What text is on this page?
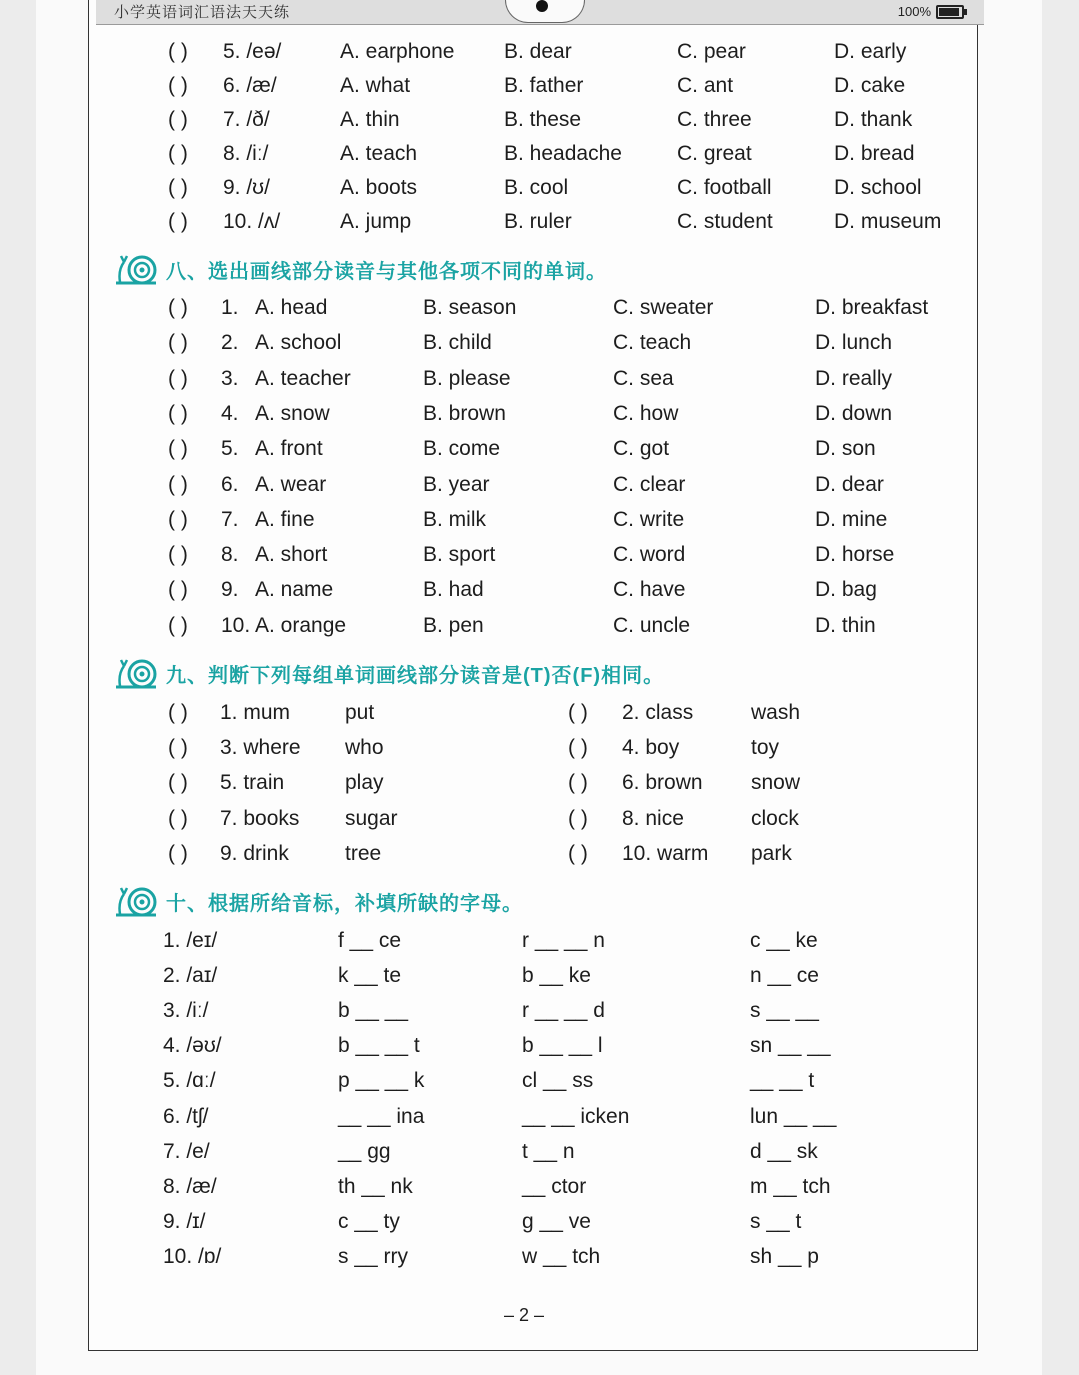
小学英语词汇语法天天练	100%
( ) 5. /eə/	A. earphone B. dear	C. pear	D. early
( ) 6. /æ/	A. what	B. father	C. ant	D. cake
( ) 7. /ð/	A. thin	B. these	C. three	D. thank
( ) 8. /iː/	A. teach	B. headache	C. great	D. bread
( ) 9. /ʊ/	A. boots	B. cool	C. football	D. school
( ) 10. /ʌ/	A. jump	B. ruler	C. student	D. museum
八、选出画线部分读音与其他各项不同的单词。
( ) 1. A. head	B. season	C. sweater	D. breakfast
( ) 2. A. school	B. child	C. teach	D. lunch
( ) 3. A. teacher	B. please	C. sea	D. really
( ) 4. A. snow	B. brown	C. how	D. down
( ) 5. A. front	B. come	C. got	D. son
( ) 6. A. wear	B. year	C. clear	D. dear
( ) 7. A. fine	B. milk	C. write	D. mine
( ) 8. A. short	B. sport	C. word	D. horse
( ) 9. A. name	B. had	C. have	D. bag
( ) 10. A. orange	B. pen	C. uncle	D. thin
九、判断下列每组单词画线部分读音是(T)否(F)相同。
( ) 1. mum	put	( ) 2. class	wash
( ) 3. where who	( ) 4. boy	toy
( ) 5. train	play	( ) 6. brown snow
( ) 7. books sugar	( ) 8. nice	clock
( ) 9. drink	tree	( ) 10. warm park
十、根据所给音标，补填所缺的字母。
1. /eɪ/	f __ ce	r __ __ n	c __ ke
2. /aɪ/	k __ te	b __ ke	n __ ce
3. /iː/	b __ __	r __ __ d	s __ __
4. /əʊ/	b __ __ t	b __ __ l	sn __ __
5. /ɑː/	p __ __ k	cl __ ss	__ __ t
6. /tʃ/	__ __ ina	__ __ icken	lun __ __
7. /e/	__ gg	t __ n	d __ sk
8. /æ/	th __ nk	__ ctor	m __ tch
9. /ɪ/	c __ ty	g __ ve	s __ t
10. /ɒ/	s __ rry	w __ tch	sh __ p
– 2 –
